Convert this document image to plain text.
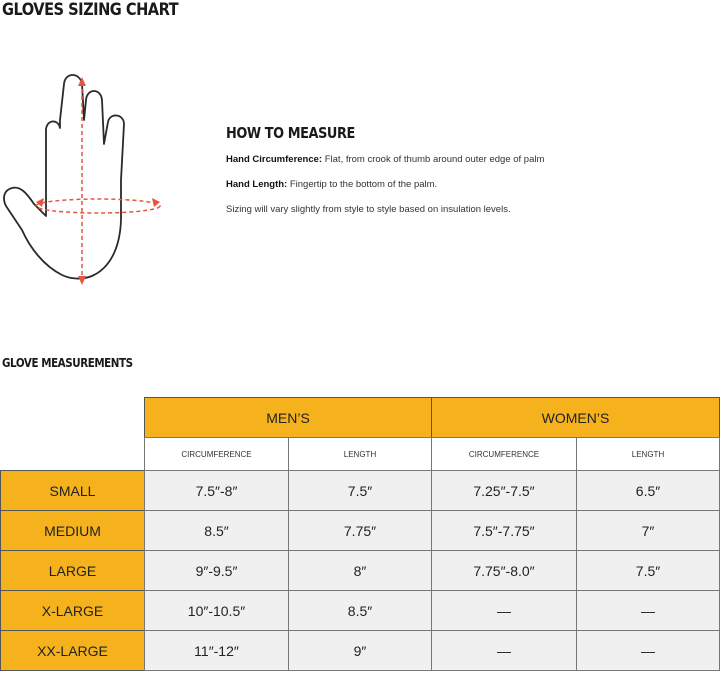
GLOVES SIZING CHART
HOW TO MEASURE

Hand Circumference: Flat, from crook of thumb around outer edge of palm

Hand Length: Fingertip to the bottom of the palm.

Sizing will vary slightly from style to style based on insulation levels.

GLOVE MEASUREMENTS
MEN’S	WOMEN’S
CIRCUMFERENCE	LENGTH	CIRCUMFERENCE	LENGTH
SMALL	7.5″-8″	7.5″	7.25″-7.5″	6.5″
MEDIUM	8.5″	7.75″	7.5″-7.75″	7″
LARGE	9″-9.5″	8″	7.75″-8.0″	7.5″
X-LARGE	10″-10.5″	8.5″	—	—
XX-LARGE	11″-12″	9″	—	—
